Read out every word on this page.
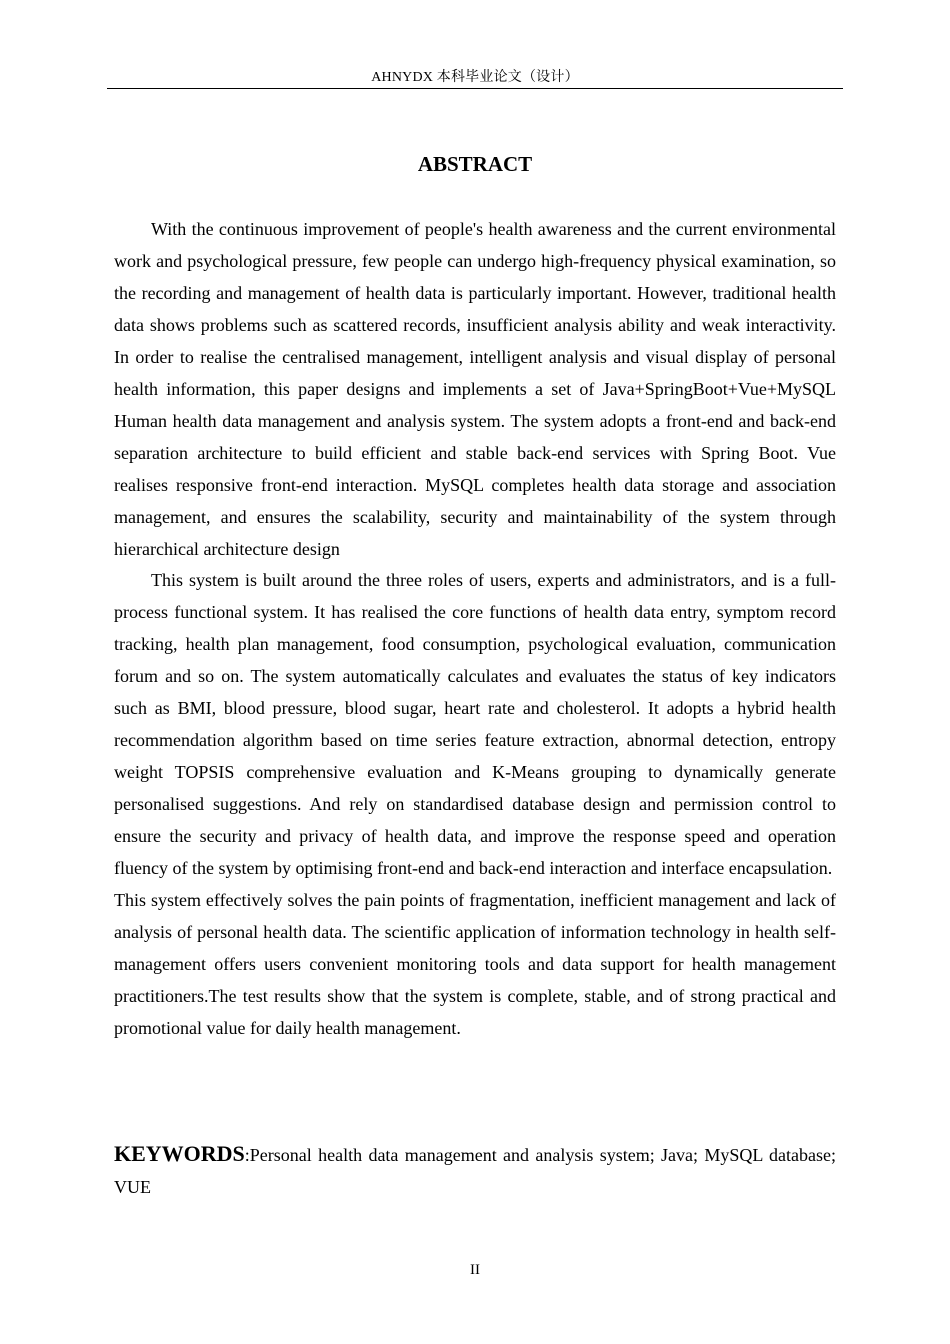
AHNYDX 本科毕业论文（设计）
ABSTRACT

With the continuous improvement of people's health awareness and the current environmental work and psychological pressure, few people can undergo high-frequency physical examination, so the recording and management of health data is particularly important. However, traditional health data shows problems such as scattered records, insufficient analysis ability and weak interactivity. In order to realise the centralised management, intelligent analysis and visual display of personal health information, this paper designs and implements a set of Java+SpringBoot+Vue+MySQL Human health data management and analysis system. The system adopts a front-end and back-end separation architecture to build efficient and stable back-end services with Spring Boot. Vue realises responsive front-end interaction. MySQL completes health data storage and association management, and ensures the scalability, security and maintainability of the system through hierarchical architecture design

This system is built around the three roles of users, experts and administrators, and is a full-process functional system. It has realised the core functions of health data entry, symptom record tracking, health plan management, food consumption, psychological evaluation, communication forum and so on. The system automatically calculates and evaluates the status of key indicators such as BMI, blood pressure, blood sugar, heart rate and cholesterol. It adopts a hybrid health recommendation algorithm based on time series feature extraction, abnormal detection, entropy weight TOPSIS comprehensive evaluation and K-Means grouping to dynamically generate personalised suggestions. And rely on standardised database design and permission control to ensure the security and privacy of health data, and improve the response speed and operation fluency of the system by optimising front-end and back-end interaction and interface encapsulation.

This system effectively solves the pain points of fragmentation, inefficient management and lack of analysis of personal health data. The scientific application of information technology in health self-management offers users convenient monitoring tools and data support for health management practitioners.The test results show that the system is complete, stable, and of strong practical and promotional value for daily health management.

KEYWORDS:Personal health data management and analysis system; Java; MySQL database; VUE

II
